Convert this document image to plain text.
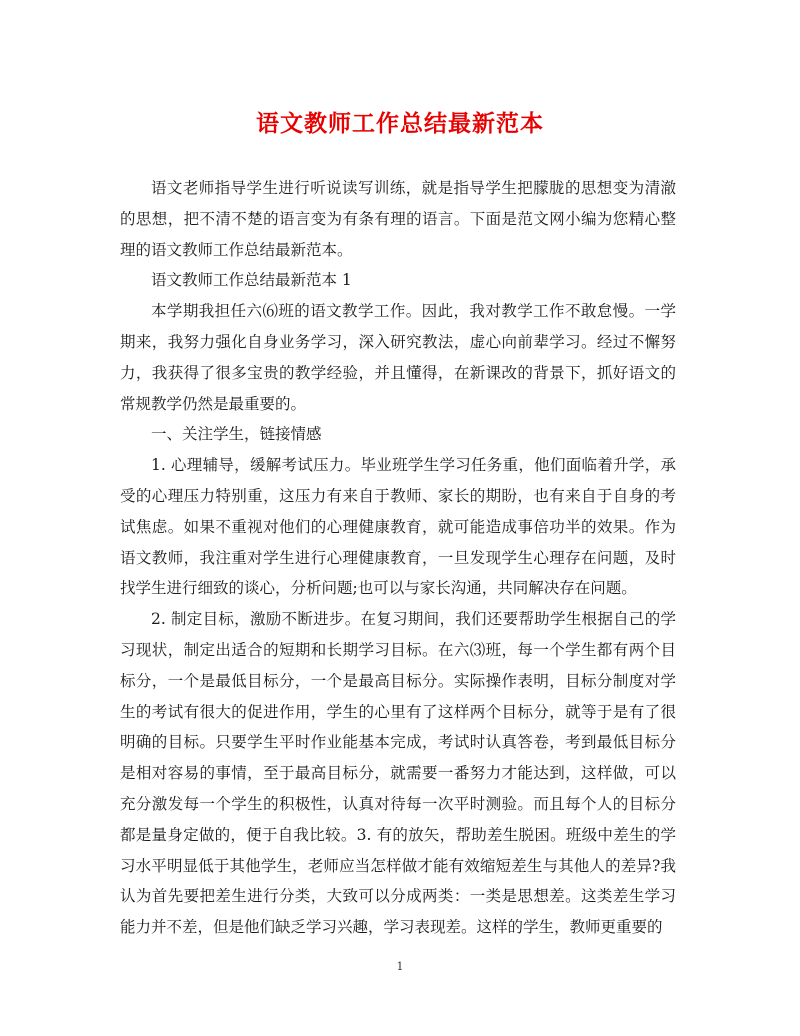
语文教师工作总结最新范本

语文老师指导学生进行听说读写训练，就是指导学生把朦胧的思想变为清澈的思想，把不清不楚的语言变为有条有理的语言。下面是范文网小编为您精心整理的语文教师工作总结最新范本。

语文教师工作总结最新范本 1

本学期我担任六⑹班的语文教学工作。因此，我对教学工作不敢怠慢。一学期来，我努力强化自身业务学习，深入研究教法，虚心向前辈学习。经过不懈努力，我获得了很多宝贵的教学经验，并且懂得，在新课改的背景下，抓好语文的常规教学仍然是最重要的。

一、关注学生，链接情感

1. 心理辅导，缓解考试压力。毕业班学生学习任务重，他们面临着升学，承受的心理压力特别重，这压力有来自于教师、家长的期盼，也有来自于自身的考试焦虑。如果不重视对他们的心理健康教育，就可能造成事倍功半的效果。作为语文教师，我注重对学生进行心理健康教育，一旦发现学生心理存在问题，及时找学生进行细致的谈心，分析问题;也可以与家长沟通，共同解决存在问题。

2. 制定目标，激励不断进步。在复习期间，我们还要帮助学生根据自己的学习现状，制定出适合的短期和长期学习目标。在六⑶班，每一个学生都有两个目标分，一个是最低目标分，一个是最高目标分。实际操作表明，目标分制度对学生的考试有很大的促进作用，学生的心里有了这样两个目标分，就等于是有了很明确的目标。只要学生平时作业能基本完成，考试时认真答卷，考到最低目标分是相对容易的事情，至于最高目标分，就需要一番努力才能达到，这样做，可以充分激发每一个学生的积极性，认真对待每一次平时测验。而且每个人的目标分都是量身定做的，便于自我比较。3. 有的放矢，帮助差生脱困。班级中差生的学习水平明显低于其他学生，老师应当怎样做才能有效缩短差生与其他人的差异?我认为首先要把差生进行分类，大致可以分成两类：一类是思想差。这类差生学习能力并不差，但是他们缺乏学习兴趣，学习表现差。这样的学生，教师更重要的

1
